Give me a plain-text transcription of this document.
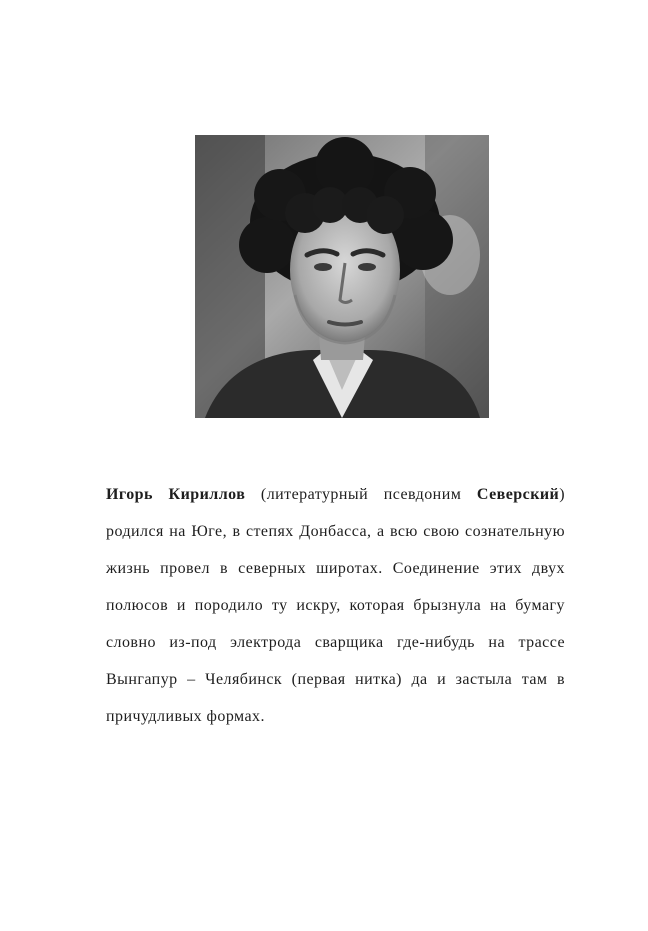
Игорь Кириллов (литературный псевдоним Северский) родился на Юге, в степях Донбасса, а всю свою сознательную жизнь провел в северных широтах. Соединение этих двух полюсов и породило ту искру, которая брызнула на бумагу словно из-под электрода сварщика где-нибудь на трассе Вынгапур – Челябинск (первая нитка) да и застыла там в причудливых формах.
